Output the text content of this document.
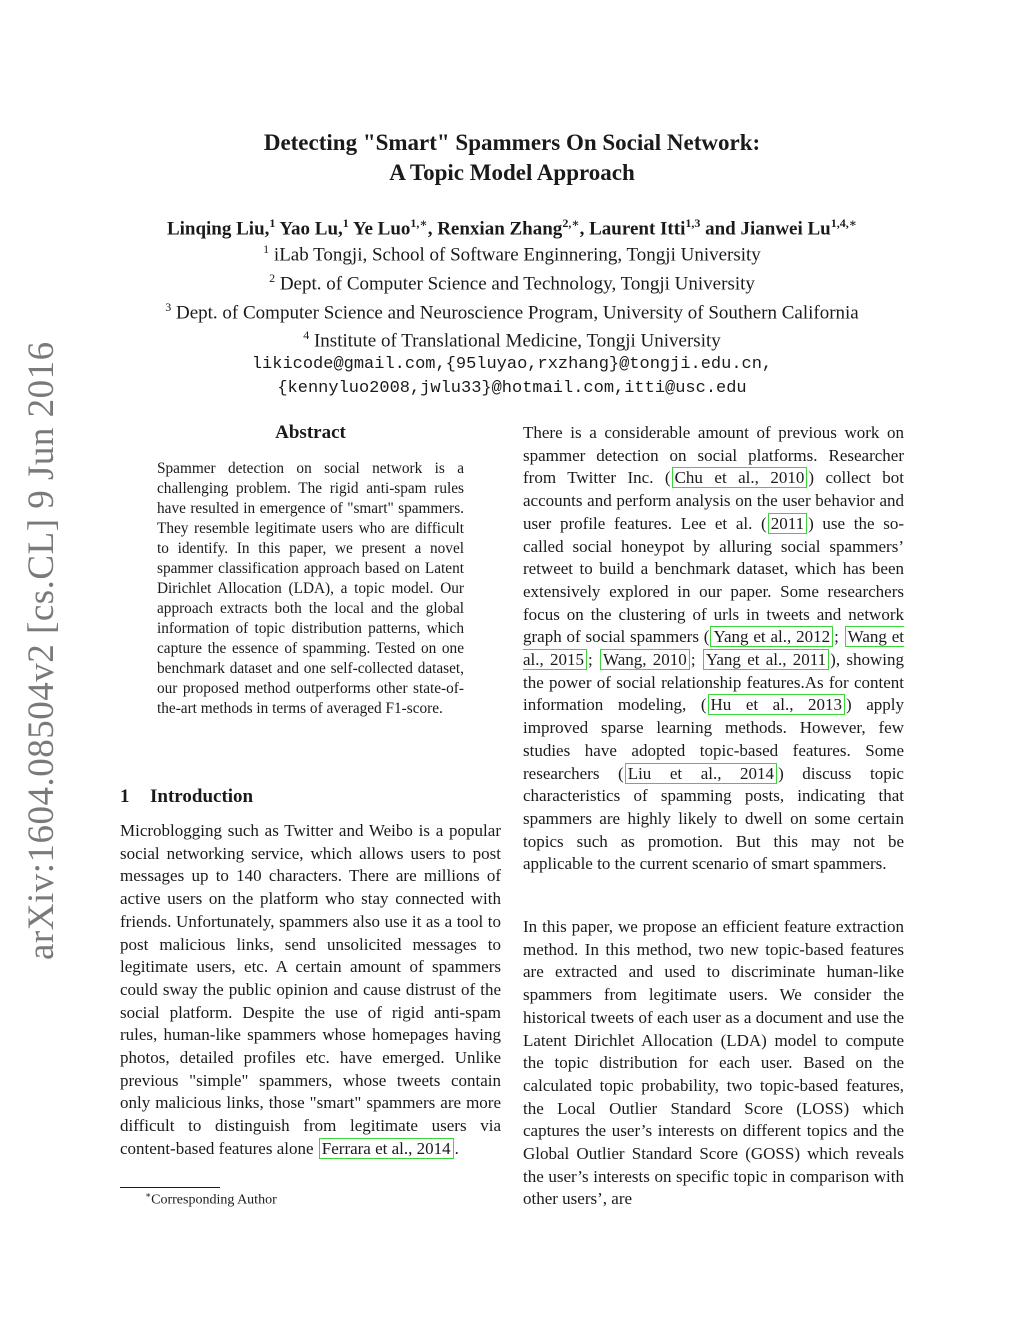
arXiv:1604.08504v2 [cs.CL] 9 Jun 2016
Detecting "Smart" Spammers On Social Network:
A Topic Model Approach
Linqing Liu,$^1$ Yao Lu,$^1$ Ye Luo$^{1,∗}$, Renxian Zhang$^{2,∗}$, Laurent Itti$^{1,3}$ and Jianwei $Lu^{1,4,∗}$
$^1$ iLab Tongji, School of Software Enginnering, Tongji University
$^2$ Dept. of Computer Science and Technology, Tongji University
$^3$ Dept. of Computer Science and Neuroscience Program, University of Southern California
$^4$ Institute of Translational Medicine, Tongji University
likicode@gmail.com,{95luyao,rxzhang}@tongji.edu.cn,
{kennyluo2008,jwlu33}@hotmail.com,itti@usc.edu
Abstract
Spammer detection on social network is a challenging problem. The rigid anti-spam rules have resulted in emergence of "smart" spammers. They resemble legitimate users who are difficult to identify. In this paper, we present a novel spammer classification approach based on Latent Dirichlet Allocation (LDA), a topic model. Our approach extracts both the local and the global information of topic distribution patterns, which capture the essence of spamming. Tested on one benchmark dataset and one self-collected dataset, our proposed method outperforms other state-of-the-art methods in terms of averaged F1-score.
1 Introduction

Microblogging such as Twitter and Weibo is a popular social networking service, which allows users to post messages up to 140 characters. There are millions of active users on the platform who stay connected with friends. Unfortunately, spammers also use it as a tool to post malicious links, send unsolicited messages to legitimate users, etc. A certain amount of spammers could sway the public opinion and cause distrust of the social platform. Despite the use of rigid anti-spam rules, human-like spammers whose homepages having photos, detailed profiles etc. have emerged. Unlike previous "simple" spammers, whose tweets contain only malicious links, those "smart" spammers are more difficult to distinguish from legitimate users via content-based features alone Ferrara et al., 2014 .

∗Corresponding Author

There is a considerable amount of previous work on spammer detection on social platforms. Researcher from Twitter Inc. ( Chu et al., 2010 ) collect bot accounts and perform analysis on the user behavior and user profile features. Lee et al. ( 2011 ) use the so-called social honeypot by alluring social spammers’ retweet to build a benchmark dataset, which has been extensively explored in our paper. Some researchers focus on the clustering of urls in tweets and network graph of social spammers ( Yang et al., 2012 ; Wang et al., 2015 ; Wang, 2010 ; Yang et al., 2011 ), showing the power of social relationship features.As for content information modeling, ( Hu et al., 2013 ) apply improved sparse learning methods. However, few studies have adopted topic-based features. Some researchers ( Liu et al., 2014 ) discuss topic characteristics of spamming posts, indicating that spammers are highly likely to dwell on some certain topics such as promotion. But this may not be applicable to the current scenario of smart spammers.

In this paper, we propose an efficient feature extraction method. In this method, two new topic-based features are extracted and used to discriminate human-like spammers from legitimate users. We consider the historical tweets of each user as a document and use the Latent Dirichlet Allocation (LDA) model to compute the topic distribution for each user. Based on the calculated topic probability, two topic-based features, the Local Outlier Standard Score (LOSS) which captures the user’s interests on different topics and the Global Outlier Standard Score (GOSS) which reveals the user’s interests on specific topic in comparison with other users’, are
